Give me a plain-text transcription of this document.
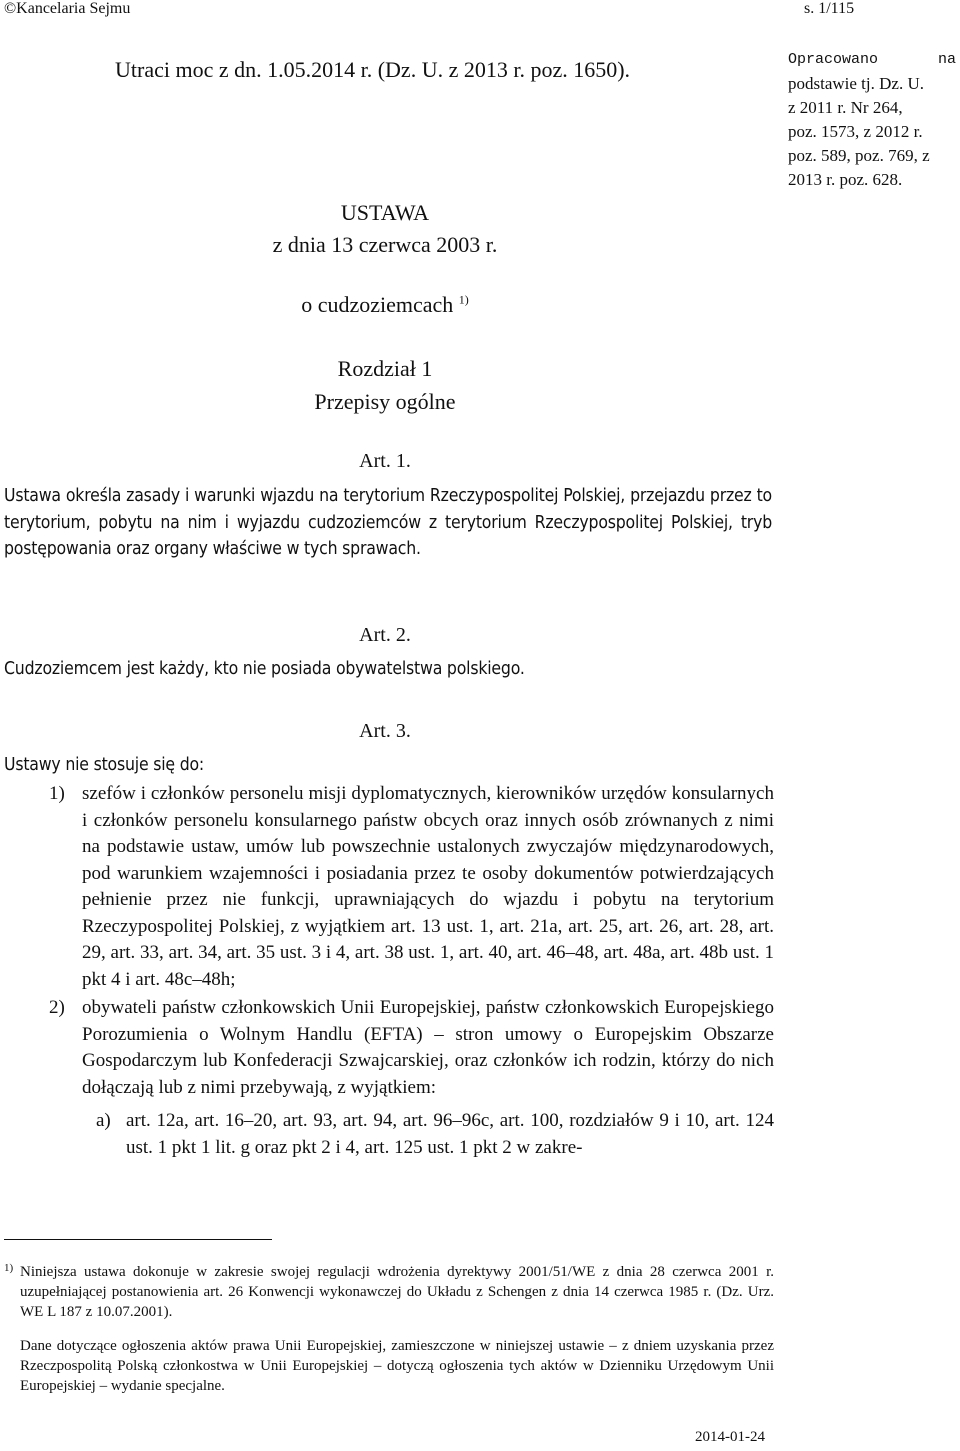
©Kancelaria Sejmu	s. 1/115
Utraci moc z dn. 1.05.2014 r. (Dz. U. z 2013 r. poz. 1650).	Opracowano	na
podstawie tj. Dz. U.
z 2011 r. Nr 264,
poz. 1573, z 2012 r.
poz. 589, poz. 769, z
2013 r. poz. 628.
USTAWA
z dnia 13 czerwca 2003 r.
o cudzoziemcach $^{1)}$
Rozdział 1
Przepisy ogólne
Art. 1.
Ustawa określa zasady i warunki wjazdu na terytorium Rzeczypospolitej Polskiej, przejazdu przez to terytorium, pobytu na nim i wyjazdu cudzoziemców z terytorium Rzeczypospolitej Polskiej, tryb postępowania oraz organy właściwe w tych sprawach.
Art. 2.
Cudzoziemcem jest każdy, kto nie posiada obywatelstwa polskiego.
Art. 3.
Ustawy nie stosuje się do:
1) szefów i członków personelu misji dyplomatycznych, kierowników urzędów konsularnych i członków personelu konsularnego państw obcych oraz innych osób zrównanych z nimi na podstawie ustaw, umów lub powszechnie ustalonych zwyczajów międzynarodowych, pod warunkiem wzajemności i posiadania przez te osoby dokumentów potwierdzających pełnienie przez nie funkcji, uprawniających do wjazdu i pobytu na terytorium Rzeczypospolitej Polskiej, z wyjątkiem art. 13 ust. 1, art. 21a, art. 25, art. 26, art. 28, art. 29, art. 33, art. 34, art. 35 ust. 3 i 4, art. 38 ust. 1, art. 40, art. 46–48, art. 48a, art. 48b ust. 1 pkt 4 i art. 48c–48h;
2) obywateli państw członkowskich Unii Europejskiej, państw członkowskich Europejskiego Porozumienia o Wolnym Handlu (EFTA) – stron umowy o Europejskim Obszarze Gospodarczym lub Konfederacji Szwajcarskiej, oraz członków ich rodzin, którzy do nich dołączają lub z nimi przebywają, z wyjątkiem:
a) art. 12a, art. 16–20, art. 93, art. 94, art. 96–96c, art. 100, rozdziałów 9 i 10, art. 124 ust. 1 pkt 1 lit. g oraz pkt 2 i 4, art. 125 ust. 1 pkt 2 w zakre-
1) Niniejsza ustawa dokonuje w zakresie swojej regulacji wdrożenia dyrektywy 2001/51/WE z dnia 28 czerwca 2001 r. uzupełniającej postanowienia art. 26 Konwencji wykonawczej do Układu z Schengen z dnia 14 czerwca 1985 r. (Dz. Urz. WE L 187 z 10.07.2001).
Dane dotyczące ogłoszenia aktów prawa Unii Europejskiej, zamieszczone w niniejszej ustawie – z dniem uzyskania przez Rzeczpospolitą Polską członkostwa w Unii Europejskiej – dotyczą ogłoszenia tych aktów w Dzienniku Urzędowym Unii Europejskiej – wydanie specjalne.
2014-01-24
